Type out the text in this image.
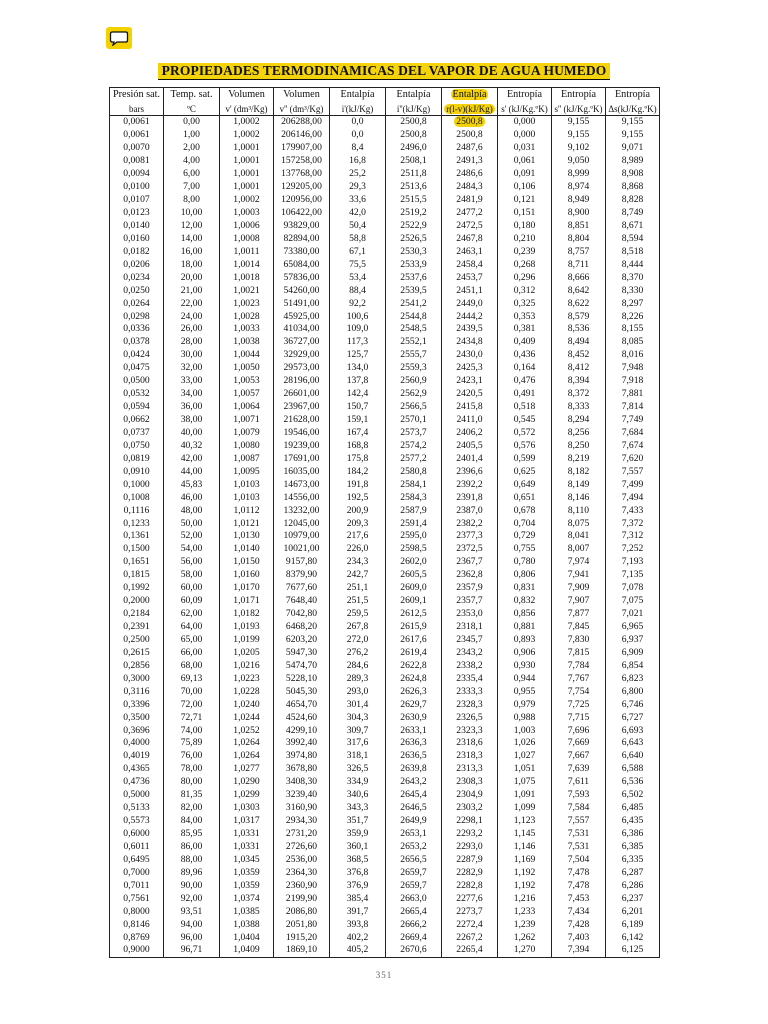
PROPIEDADES TERMODINAMICAS DEL VAPOR DE AGUA HUMEDO
Presión sat.	Temp. sat.	Volumen	Volumen	Entalpía	Entalpía	Entalpía	Entropía	Entropía	Entropía
bars	ºC	v' (dm³/Kg)	v'' (dm³/Kg)	i'(kJ/Kg)	i''(kJ/Kg)	r(l-v)(kJ/Kg)	s' (kJ/Kg.ºK)	s'' (kJ/Kg.ºK)	Δs(kJ/Kg.ºK)
0,0061	0,00	1,0002	206288,00	0,0	2500,8	2500,8	0,000	9,155	9,155
0,0061	1,00	1,0002	206146,00	0,0	2500,8	2500,8	0,000	9,155	9,155
0,0070	2,00	1,0001	179907,00	8,4	2496,0	2487,6	0,031	9,102	9,071
0,0081	4,00	1,0001	157258,00	16,8	2508,1	2491,3	0,061	9,050	8,989
0,0094	6,00	1,0001	137768,00	25,2	2511,8	2486,6	0,091	8,999	8,908
0,0100	7,00	1,0001	129205,00	29,3	2513,6	2484,3	0,106	8,974	8,868
0,0107	8,00	1,0002	120956,00	33,6	2515,5	2481,9	0,121	8,949	8,828
0,0123	10,00	1,0003	106422,00	42,0	2519,2	2477,2	0,151	8,900	8,749
0,0140	12,00	1,0006	93829,00	50,4	2522,9	2472,5	0,180	8,851	8,671
0,0160	14,00	1,0008	82894,00	58,8	2526,5	2467,8	0,210	8,804	8,594
0,0182	16,00	1,0011	73380,00	67,1	2530,3	2463,1	0,239	8,757	8,518
0,0206	18,00	1,0014	65084,00	75,5	2533,9	2458,4	0,268	8,711	8,444
0,0234	20,00	1,0018	57836,00	53,4	2537,6	2453,7	0,296	8,666	8,370
0,0250	21,00	1,0021	54260,00	88,4	2539,5	2451,1	0,312	8,642	8,330
0,0264	22,00	1,0023	51491,00	92,2	2541,2	2449,0	0,325	8,622	8,297
0,0298	24,00	1,0028	45925,00	100,6	2544,8	2444,2	0,353	8,579	8,226
0,0336	26,00	1,0033	41034,00	109,0	2548,5	2439,5	0,381	8,536	8,155
0,0378	28,00	1,0038	36727,00	117,3	2552,1	2434,8	0,409	8,494	8,085
0,0424	30,00	1,0044	32929,00	125,7	2555,7	2430,0	0,436	8,452	8,016
0,0475	32,00	1,0050	29573,00	134,0	2559,3	2425,3	0,164	8,412	7,948
0,0500	33,00	1,0053	28196,00	137,8	2560,9	2423,1	0,476	8,394	7,918
0,0532	34,00	1,0057	26601,00	142,4	2562,9	2420,5	0,491	8,372	7,881
0,0594	36,00	1,0064	23967,00	150,7	2566,5	2415,8	0,518	8,333	7,814
0,0662	38,00	1,0071	21628,00	159,1	2570,1	2411,0	0,545	8,294	7,749
0,0737	40,00	1,0079	19546,00	167,4	2573,7	2406,2	0,572	8,256	7,684
0,0750	40,32	1,0080	19239,00	168,8	2574,2	2405,5	0,576	8,250	7,674
0,0819	42,00	1,0087	17691,00	175,8	2577,2	2401,4	0,599	8,219	7,620
0,0910	44,00	1,0095	16035,00	184,2	2580,8	2396,6	0,625	8,182	7,557
0,1000	45,83	1,0103	14673,00	191,8	2584,1	2392,2	0,649	8,149	7,499
0,1008	46,00	1,0103	14556,00	192,5	2584,3	2391,8	0,651	8,146	7,494
0,1116	48,00	1,0112	13232,00	200,9	2587,9	2387,0	0,678	8,110	7,433
0,1233	50,00	1,0121	12045,00	209,3	2591,4	2382,2	0,704	8,075	7,372
0,1361	52,00	1,0130	10979,00	217,6	2595,0	2377,3	0,729	8,041	7,312
0,1500	54,00	1,0140	10021,00	226,0	2598,5	2372,5	0,755	8,007	7,252
0,1651	56,00	1,0150	9157,80	234,3	2602,0	2367,7	0,780	7,974	7,193
0,1815	58,00	1,0160	8379,90	242,7	2605,5	2362,8	0,806	7,941	7,135
0,1992	60,00	1,0170	7677,60	251,1	2609,0	2357,9	0,831	7,909	7,078
0,2000	60,09	1,0171	7648,40	251,5	2609,1	2357,7	0,832	7,907	7,075
0,2184	62,00	1,0182	7042,80	259,5	2612,5	2353,0	0,856	7,877	7,021
0,2391	64,00	1,0193	6468,20	267,8	2615,9	2318,1	0,881	7,845	6,965
0,2500	65,00	1,0199	6203,20	272,0	2617,6	2345,7	0,893	7,830	6,937
0,2615	66,00	1,0205	5947,30	276,2	2619,4	2343,2	0,906	7,815	6,909
0,2856	68,00	1,0216	5474,70	284,6	2622,8	2338,2	0,930	7,784	6,854
0,3000	69,13	1,0223	5228,10	289,3	2624,8	2335,4	0,944	7,767	6,823
0,3116	70,00	1,0228	5045,30	293,0	2626,3	2333,3	0,955	7,754	6,800
0,3396	72,00	1,0240	4654,70	301,4	2629,7	2328,3	0,979	7,725	6,746
0,3500	72,71	1,0244	4524,60	304,3	2630,9	2326,5	0,988	7,715	6,727
0,3696	74,00	1,0252	4299,10	309,7	2633,1	2323,3	1,003	7,696	6,693
0,4000	75,89	1,0264	3992,40	317,6	2636,3	2318,6	1,026	7,669	6,643
0,4019	76,00	1,0264	3974,80	318,1	2636,5	2318,3	1,027	7,667	6,640
0,4365	78,00	1,0277	3678,80	326,5	2639,8	2313,3	1,051	7,639	6,588
0,4736	80,00	1,0290	3408,30	334,9	2643,2	2308,3	1,075	7,611	6,536
0,5000	81,35	1,0299	3239,40	340,6	2645,4	2304,9	1,091	7,593	6,502
0,5133	82,00	1,0303	3160,90	343,3	2646,5	2303,2	1,099	7,584	6,485
0,5573	84,00	1,0317	2934,30	351,7	2649,9	2298,1	1,123	7,557	6,435
0,6000	85,95	1,0331	2731,20	359,9	2653,1	2293,2	1,145	7,531	6,386
0,6011	86,00	1,0331	2726,60	360,1	2653,2	2293,0	1,146	7,531	6,385
0,6495	88,00	1,0345	2536,00	368,5	2656,5	2287,9	1,169	7,504	6,335
0,7000	89,96	1,0359	2364,30	376,8	2659,7	2282,9	1,192	7,478	6,287
0,7011	90,00	1,0359	2360,90	376,9	2659,7	2282,8	1,192	7,478	6,286
0,7561	92,00	1,0374	2199,90	385,4	2663,0	2277,6	1,216	7,453	6,237
0,8000	93,51	1,0385	2086,80	391,7	2665,4	2273,7	1,233	7,434	6,201
0,8146	94,00	1,0388	2051,80	393,8	2666,2	2272,4	1,239	7,428	6,189
0,8769	96,00	1,0404	1915,20	402,2	2669,4	2267,2	1,262	7,403	6,142
0,9000	96,71	1,0409	1869,10	405,2	2670,6	2265,4	1,270	7,394	6,125
351
